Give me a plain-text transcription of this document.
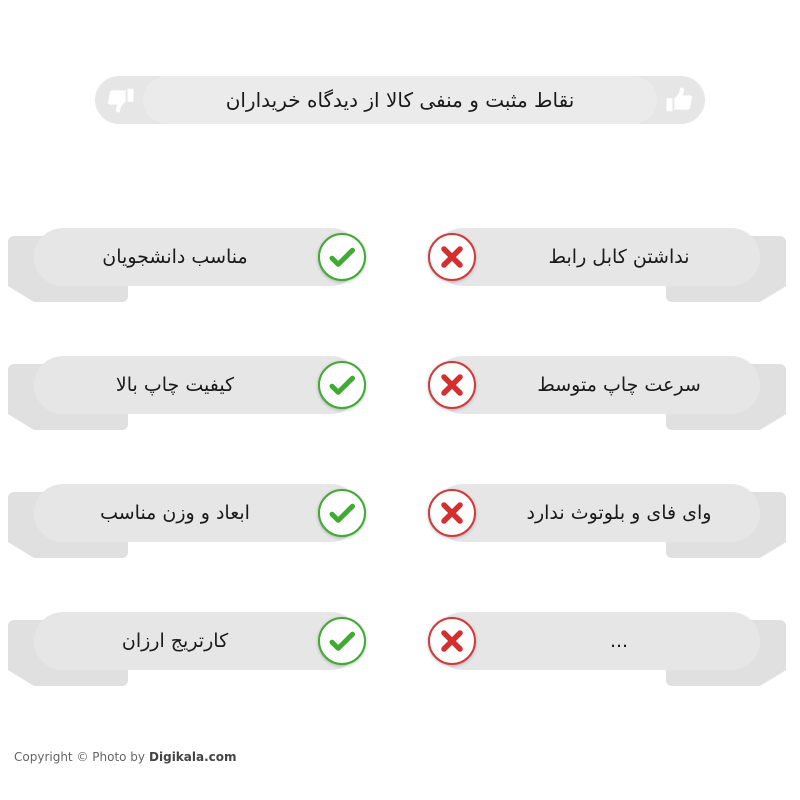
نقاط مثبت و منفی کالا از دیدگاه خریداران
مناسب دانشجویان	نداشتن کابل رابط
کیفیت چاپ بالا	سرعت چاپ متوسط
ابعاد و وزن مناسب	وای فای و بلوتوث ندارد
کارتریج ارزان	...
Copyright © Photo by Digikala.com
